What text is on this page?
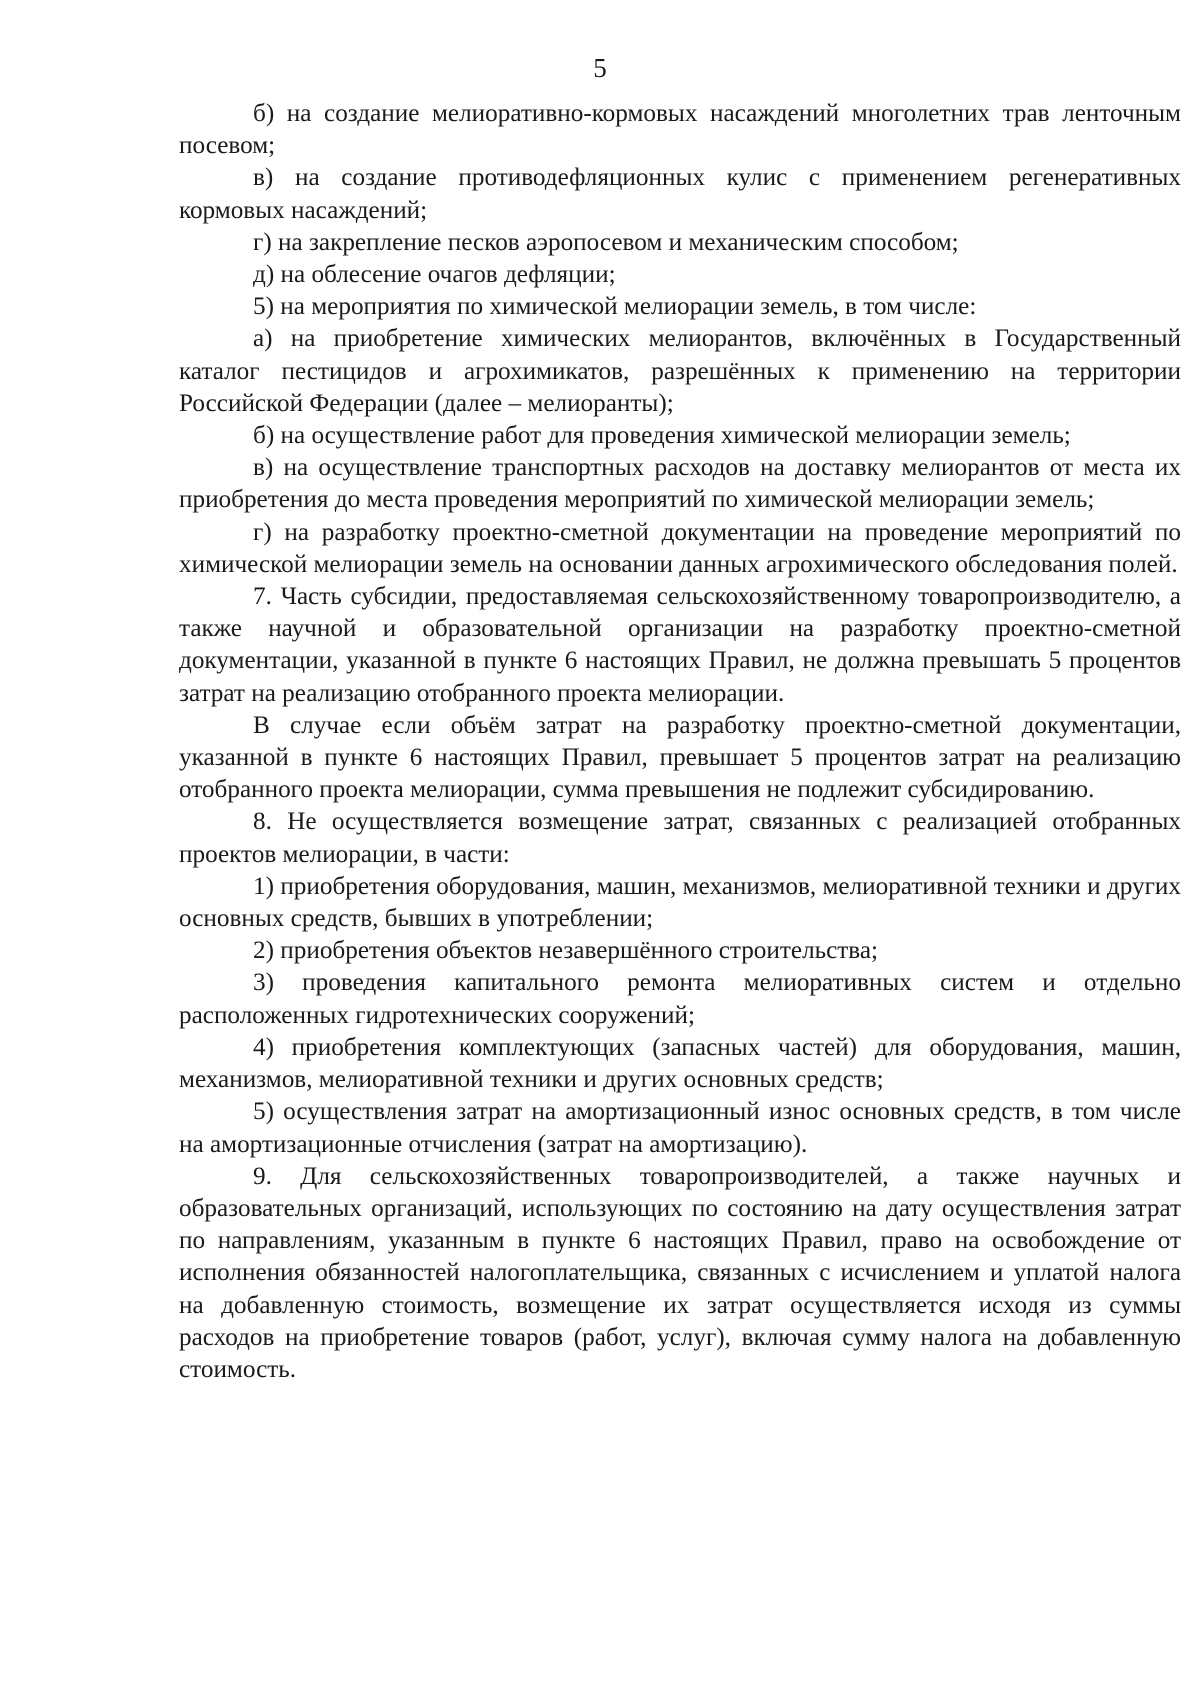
5

б) на создание мелиоративно-кормовых насаждений многолетних трав ленточным посевом;

в) на создание противодефляционных кулис с применением регенеративных кормовых насаждений;

г) на закрепление песков аэропосевом и механическим способом;

д) на облесение очагов дефляции;

5) на мероприятия по химической мелиорации земель, в том числе:

а) на приобретение химических мелиорантов, включённых в Государственный каталог пестицидов и агрохимикатов, разрешённых к применению на территории Российской Федерации (далее – мелиоранты);

б) на осуществление работ для проведения химической мелиорации земель;

в) на осуществление транспортных расходов на доставку мелиорантов от места их приобретения до места проведения мероприятий по химической мелиорации земель;

г) на разработку проектно-сметной документации на проведение мероприятий по химической мелиорации земель на основании данных агрохимического обследования полей.

7. Часть субсидии, предоставляемая сельскохозяйственному товаропроизводителю, а также научной и образовательной организации на разработку проектно-сметной документации, указанной в пункте 6 настоящих Правил, не должна превышать 5 процентов затрат на реализацию отобранного проекта мелиорации.

В случае если объём затрат на разработку проектно-сметной документации, указанной в пункте 6 настоящих Правил, превышает 5 процентов затрат на реализацию отобранного проекта мелиорации, сумма превышения не подлежит субсидированию.

8. Не осуществляется возмещение затрат, связанных с реализацией отобранных проектов мелиорации, в части:

1) приобретения оборудования, машин, механизмов, мелиоративной техники и других основных средств, бывших в употреблении;

2) приобретения объектов незавершённого строительства;

3) проведения капитального ремонта мелиоративных систем и отдельно расположенных гидротехнических сооружений;

4) приобретения комплектующих (запасных частей) для оборудования, машин, механизмов, мелиоративной техники и других основных средств;

5) осуществления затрат на амортизационный износ основных средств, в том числе на амортизационные отчисления (затрат на амортизацию).

9. Для сельскохозяйственных товаропроизводителей, а также научных и образовательных организаций, использующих по состоянию на дату осуществления затрат по направлениям, указанным в пункте 6 настоящих Правил, право на освобождение от исполнения обязанностей налогоплательщика, связанных с исчислением и уплатой налога на добавленную стоимость, возмещение их затрат осуществляется исходя из суммы расходов на приобретение товаров (работ, услуг), включая сумму налога на добавленную стоимость.
